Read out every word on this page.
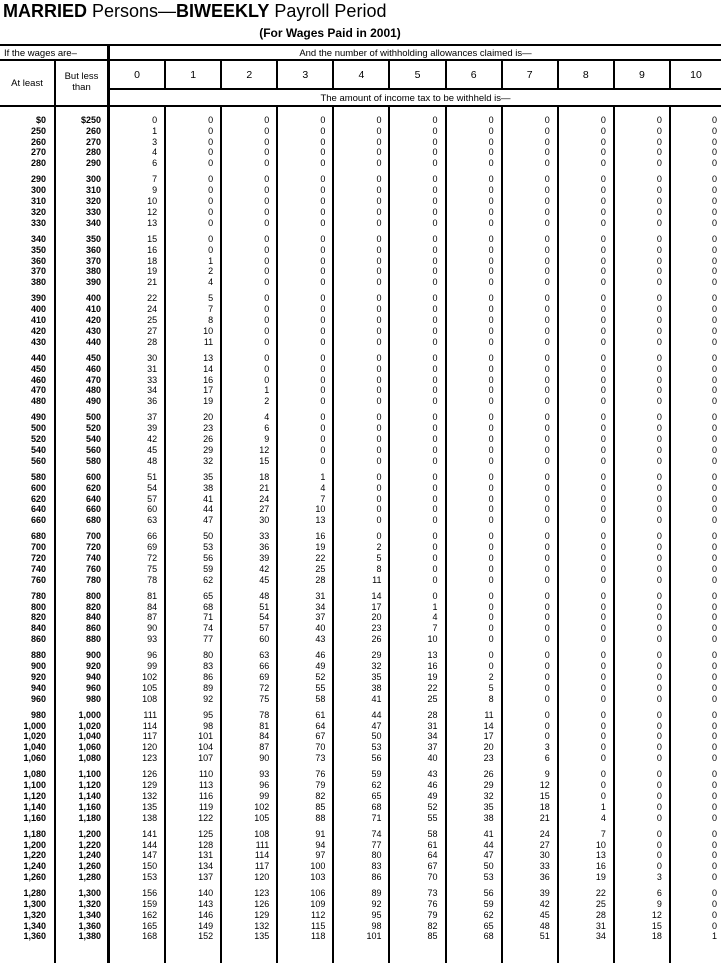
MARRIED Persons—BIWEEKLY Payroll Period
(For Wages Paid in 2001)
If the wages are–	And the number of withholding allowances claimed is—
At least
But less than
The amount of income tax to be withheld is—
0	1	2	3	4	5	6	7	8	9	10
$0	$250	0	0	0	0	0	0	0	0	0	0	0
250	260	1	0	0	0	0	0	0	0	0	0	0
260	270	3	0	0	0	0	0	0	0	0	0	0
270	280	4	0	0	0	0	0	0	0	0	0	0
280	290	6	0	0	0	0	0	0	0	0	0	0
290	300	7	0	0	0	0	0	0	0	0	0	0
300	310	9	0	0	0	0	0	0	0	0	0	0
310	320	10	0	0	0	0	0	0	0	0	0	0
320	330	12	0	0	0	0	0	0	0	0	0	0
330	340	13	0	0	0	0	0	0	0	0	0	0
340	350	15	0	0	0	0	0	0	0	0	0	0
350	360	16	0	0	0	0	0	0	0	0	0	0
360	370	18	1	0	0	0	0	0	0	0	0	0
370	380	19	2	0	0	0	0	0	0	0	0	0
380	390	21	4	0	0	0	0	0	0	0	0	0
390	400	22	5	0	0	0	0	0	0	0	0	0
400	410	24	7	0	0	0	0	0	0	0	0	0
410	420	25	8	0	0	0	0	0	0	0	0	0
420	430	27	10	0	0	0	0	0	0	0	0	0
430	440	28	11	0	0	0	0	0	0	0	0	0
440	450	30	13	0	0	0	0	0	0	0	0	0
450	460	31	14	0	0	0	0	0	0	0	0	0
460	470	33	16	0	0	0	0	0	0	0	0	0
470	480	34	17	1	0	0	0	0	0	0	0	0
480	490	36	19	2	0	0	0	0	0	0	0	0
490	500	37	20	4	0	0	0	0	0	0	0	0
500	520	39	23	6	0	0	0	0	0	0	0	0
520	540	42	26	9	0	0	0	0	0	0	0	0
540	560	45	29	12	0	0	0	0	0	0	0	0
560	580	48	32	15	0	0	0	0	0	0	0	0
580	600	51	35	18	1	0	0	0	0	0	0	0
600	620	54	38	21	4	0	0	0	0	0	0	0
620	640	57	41	24	7	0	0	0	0	0	0	0
640	660	60	44	27	10	0	0	0	0	0	0	0
660	680	63	47	30	13	0	0	0	0	0	0	0
680	700	66	50	33	16	0	0	0	0	0	0	0
700	720	69	53	36	19	2	0	0	0	0	0	0
720	740	72	56	39	22	5	0	0	0	0	0	0
740	760	75	59	42	25	8	0	0	0	0	0	0
760	780	78	62	45	28	11	0	0	0	0	0	0
780	800	81	65	48	31	14	0	0	0	0	0	0
800	820	84	68	51	34	17	1	0	0	0	0	0
820	840	87	71	54	37	20	4	0	0	0	0	0
840	860	90	74	57	40	23	7	0	0	0	0	0
860	880	93	77	60	43	26	10	0	0	0	0	0
880	900	96	80	63	46	29	13	0	0	0	0	0
900	920	99	83	66	49	32	16	0	0	0	0	0
920	940	102	86	69	52	35	19	2	0	0	0	0
940	960	105	89	72	55	38	22	5	0	0	0	0
960	980	108	92	75	58	41	25	8	0	0	0	0
980	1,000	111	95	78	61	44	28	11	0	0	0	0
1,000	1,020	114	98	81	64	47	31	14	0	0	0	0
1,020	1,040	117	101	84	67	50	34	17	0	0	0	0
1,040	1,060	120	104	87	70	53	37	20	3	0	0	0
1,060	1,080	123	107	90	73	56	40	23	6	0	0	0
1,080	1,100	126	110	93	76	59	43	26	9	0	0	0
1,100	1,120	129	113	96	79	62	46	29	12	0	0	0
1,120	1,140	132	116	99	82	65	49	32	15	0	0	0
1,140	1,160	135	119	102	85	68	52	35	18	1	0	0
1,160	1,180	138	122	105	88	71	55	38	21	4	0	0
1,180	1,200	141	125	108	91	74	58	41	24	7	0	0
1,200	1,220	144	128	111	94	77	61	44	27	10	0	0
1,220	1,240	147	131	114	97	80	64	47	30	13	0	0
1,240	1,260	150	134	117	100	83	67	50	33	16	0	0
1,260	1,280	153	137	120	103	86	70	53	36	19	3	0
1,280	1,300	156	140	123	106	89	73	56	39	22	6	0
1,300	1,320	159	143	126	109	92	76	59	42	25	9	0
1,320	1,340	162	146	129	112	95	79	62	45	28	12	0
1,340	1,360	165	149	132	115	98	82	65	48	31	15	0
1,360	1,380	168	152	135	118	101	85	68	51	34	18	1
